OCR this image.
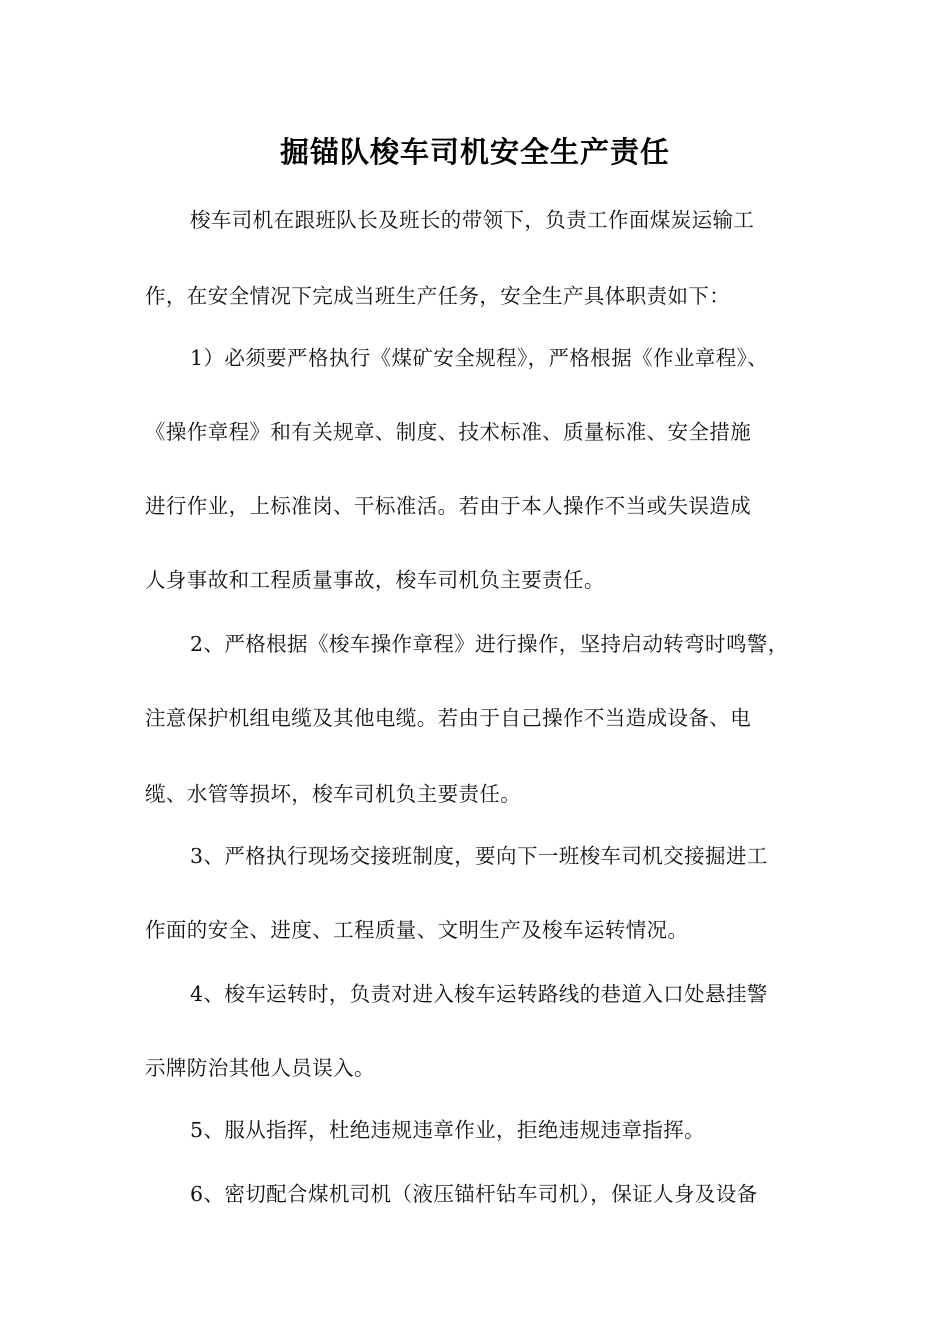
掘锚队梭车司机安全生产责任
梭车司机在跟班队长及班长的带领下，负责工作面煤炭运输工
作，在安全情况下完成当班生产任务，安全生产具体职责如下：
1）必须要严格执行《煤矿安全规程》，严格根据《作业章程》、
《操作章程》和有关规章、制度、技术标准、质量标准、安全措施
进行作业，上标准岗、干标准活。若由于本人操作不当或失误造成
人身事故和工程质量事故，梭车司机负主要责任。
2、严格根据《梭车操作章程》进行操作，坚持启动转弯时鸣警，
注意保护机组电缆及其他电缆。若由于自己操作不当造成设备、电
缆、水管等损坏，梭车司机负主要责任。
3、严格执行现场交接班制度，要向下一班梭车司机交接掘进工
作面的安全、进度、工程质量、文明生产及梭车运转情况。
4、梭车运转时，负责对进入梭车运转路线的巷道入口处悬挂警
示牌防治其他人员误入。
5、服从指挥，杜绝违规违章作业，拒绝违规违章指挥。
6、密切配合煤机司机（液压锚杆钻车司机），保证人身及设备
